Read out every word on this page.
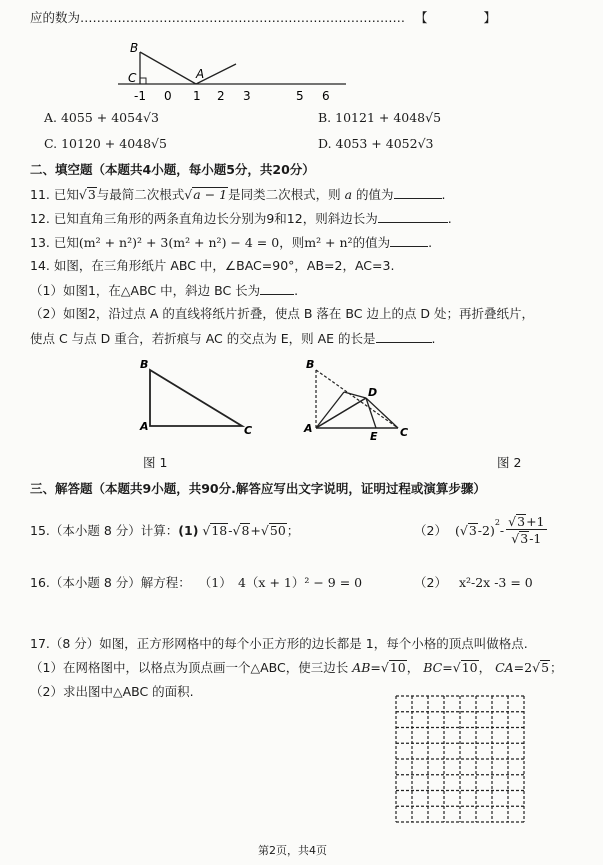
应的数为…………………………………………………………………… 【	】
B
C	A
-1 0 1 2 3	5 6
A. 4055 + 4054√3	B. 10121 + 4048√5
C. 10120 + 4048√5	D. 4053 + 4052√3
二、填空题（本题共4小题，每小题5分，共20分）
11. 已知√3与最简二次根式√a − 1是同类二次根式，则 a 的值为	.
12. 已知直角三角形的两条直角边长分别为9和12，则斜边长为	.
13. 已知(m² + n²)² + 3(m² + n²) − 4 = 0，则m² + n²的值为	.
14. 如图，在三角形纸片 ABC 中，∠BAC=90°，AB=2，AC=3.
（1）如图1，在△ABC 中，斜边 BC 长为	.
（2）如图2，沿过点 A 的直线将纸片折叠，使点 B 落在 BC 边上的点 D 处；再折叠纸片，
使点 C 与点 D 重合，若折痕与 AC 的交点为 E，则 AE 的长是	.
B
A	C
图 1
B
D
A
E C
图 2
三、解答题（本题共9小题，共90分.解答应写出文字说明，证明过程或演算步骤）
15.（本小题 8 分）计算：(1) √18-√8+√50；	（2） ( √ 3 $-2)^2 - \frac{√3+1}{√3-1}$
16.（本小题 8 分）解方程： （1）　4（x + 1）² − 9 = 0	（2） x²-2x -3 = 0
17.（8 分）如图，正方形网格中的每个小正方形的边长都是 1，每个小格的顶点叫做格点.
（1）在网格图中，以格点为顶点画一个△ABC，使三边长 AB=√10， BC=√10， CA=2√5；
（2）求出图中△ABC 的面积.
第2页，共4页
